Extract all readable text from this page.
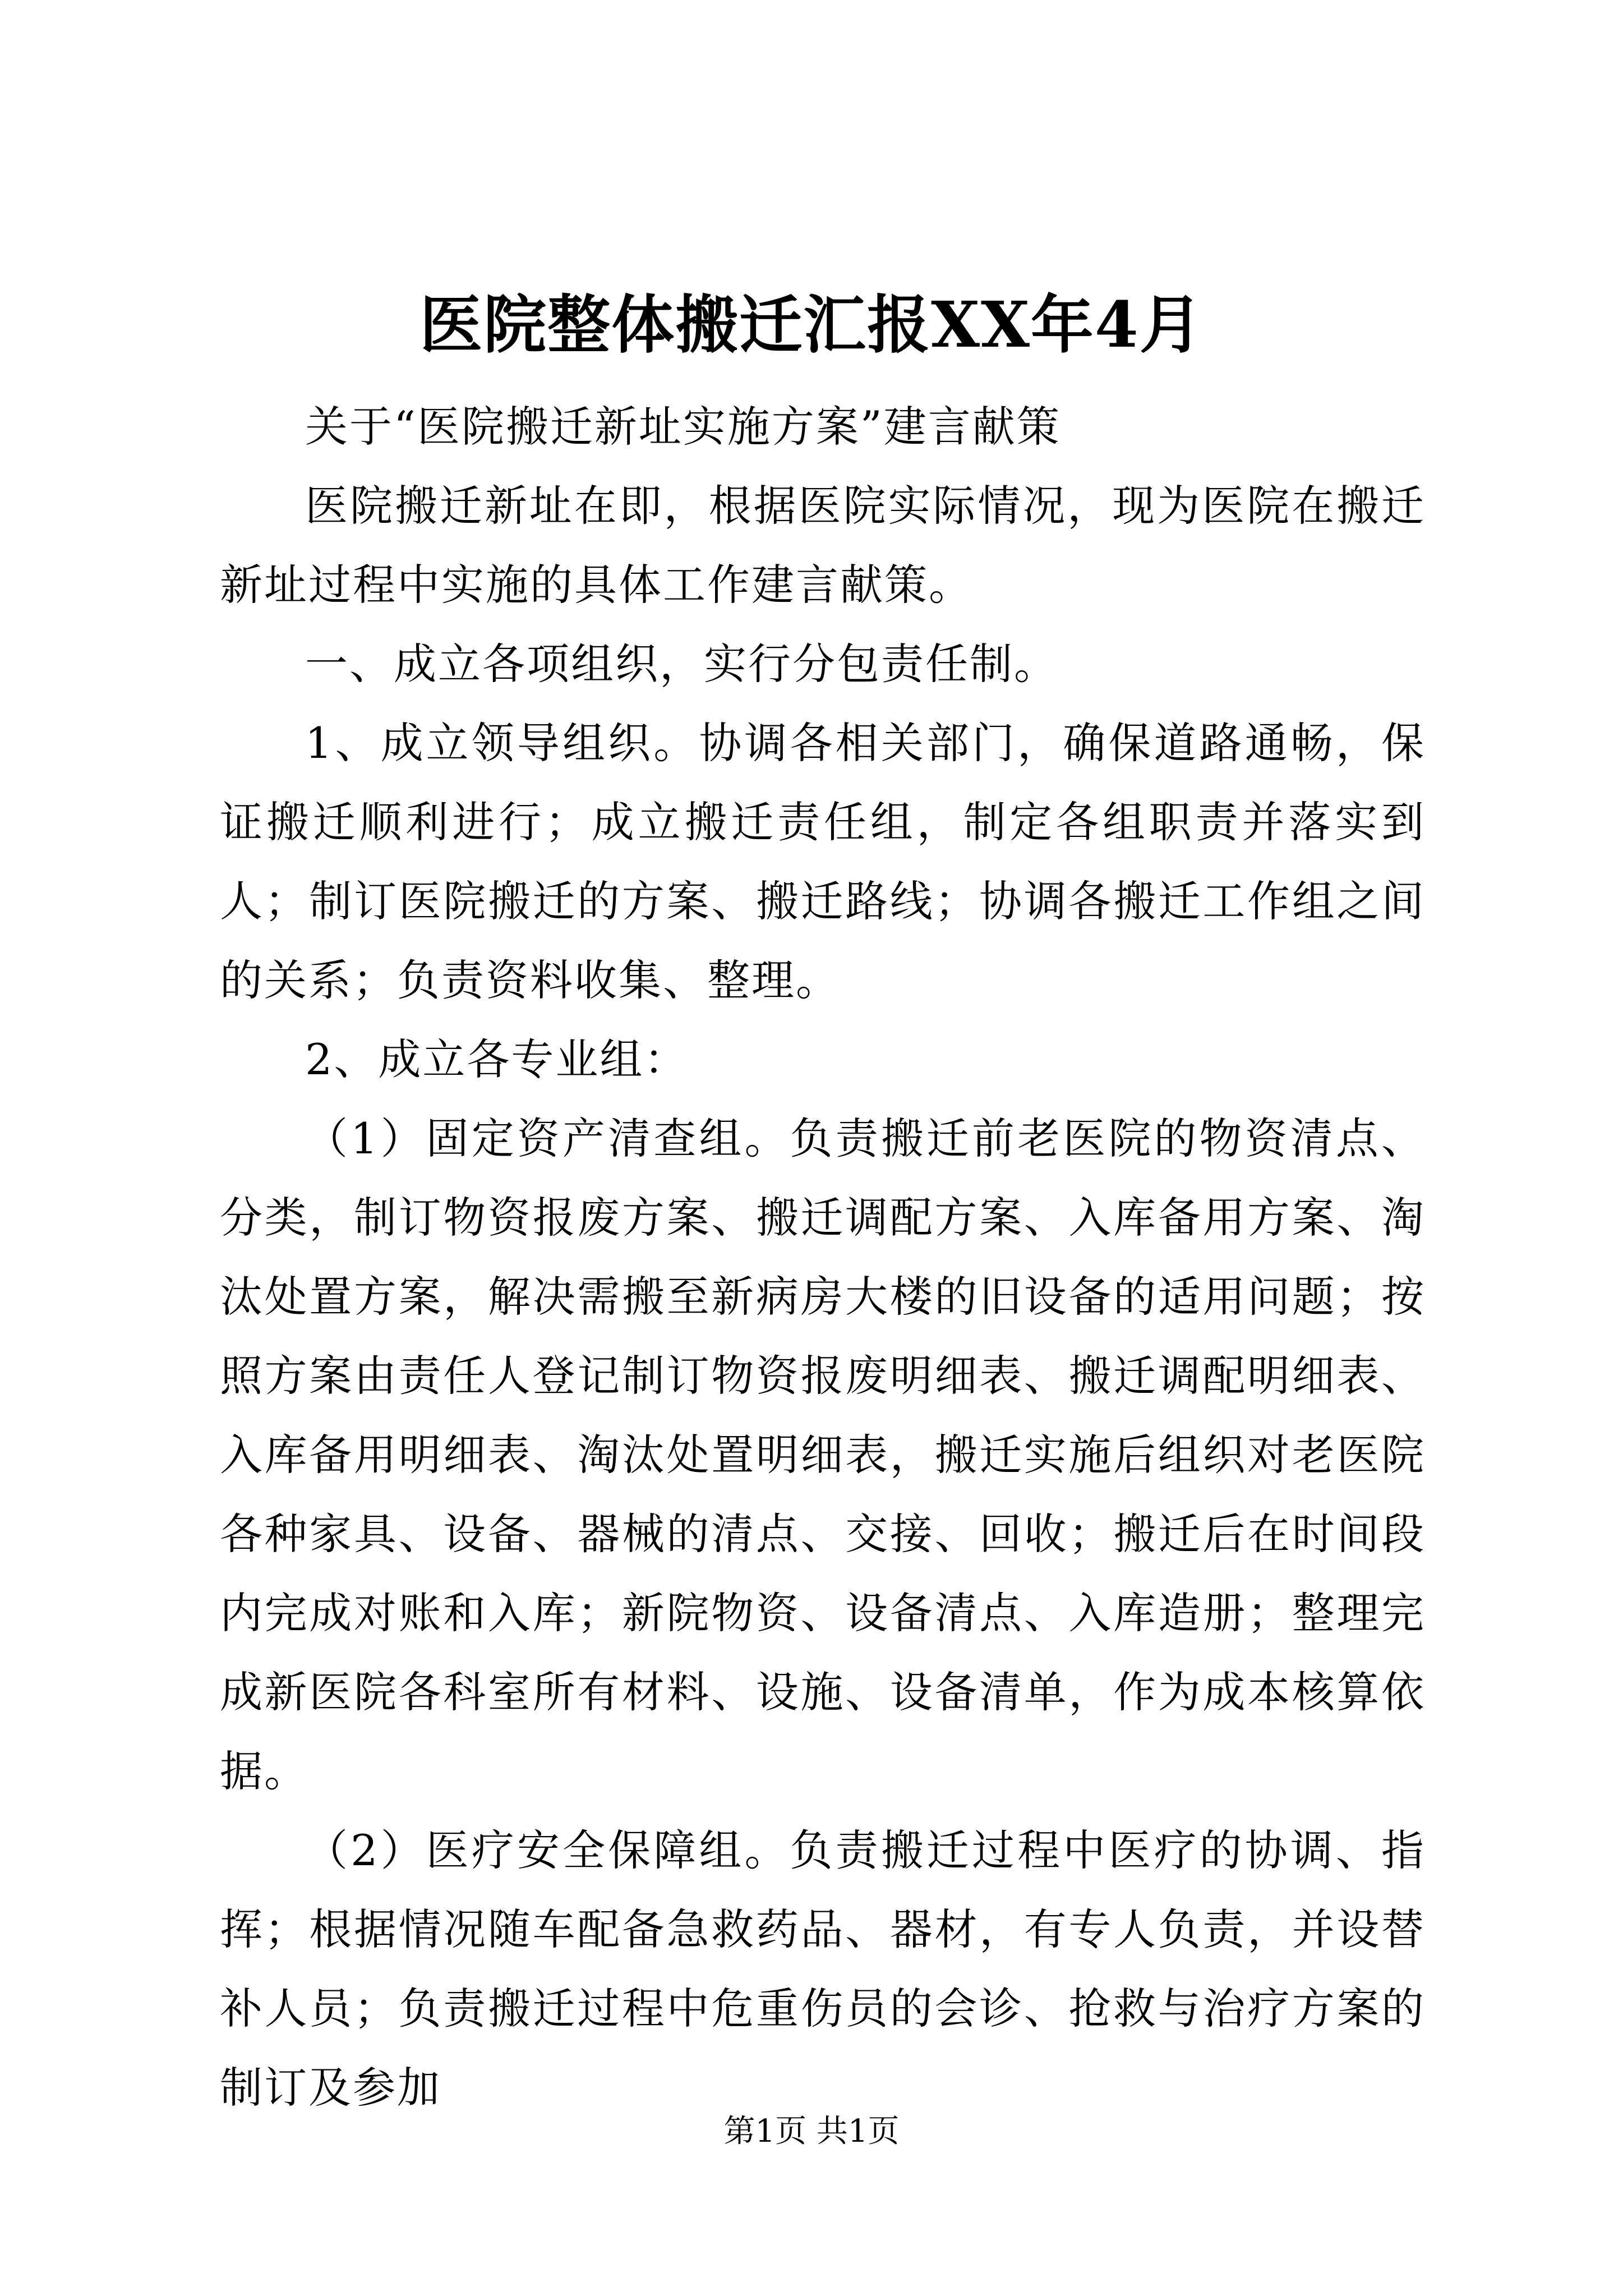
医院整体搬迁汇报XX年4月

关于“医院搬迁新址实施方案”建言献策

医院搬迁新址在即，根据医院实际情况，现为医院在搬迁新址过程中实施的具体工作建言献策。

一、成立各项组织，实行分包责任制。

1、成立领导组织。协调各相关部门，确保道路通畅，保证搬迁顺利进行；成立搬迁责任组，制定各组职责并落实到人；制订医院搬迁的方案、搬迁路线；协调各搬迁工作组之间的关系；负责资料收集、整理。

2、成立各专业组：

（1）固定资产清查组。负责搬迁前老医院的物资清点、分类，制订物资报废方案、搬迁调配方案、入库备用方案、淘汰处置方案，解决需搬至新病房大楼的旧设备的适用问题；按照方案由责任人登记制订物资报废明细表、搬迁调配明细表、入库备用明细表、淘汰处置明细表，搬迁实施后组织对老医院各种家具、设备、器械的清点、交接、回收；搬迁后在时间段内完成对账和入库；新院物资、设备清点、入库造册；整理完成新医院各科室所有材料、设施、设备清单，作为成本核算依据。

（2）医疗安全保障组。负责搬迁过程中医疗的协调、指挥；根据情况随车配备急救药品、器材，有专人负责，并设替补人员；负责搬迁过程中危重伤员的会诊、抢救与治疗方案的制订及参加

第1页 共1页
